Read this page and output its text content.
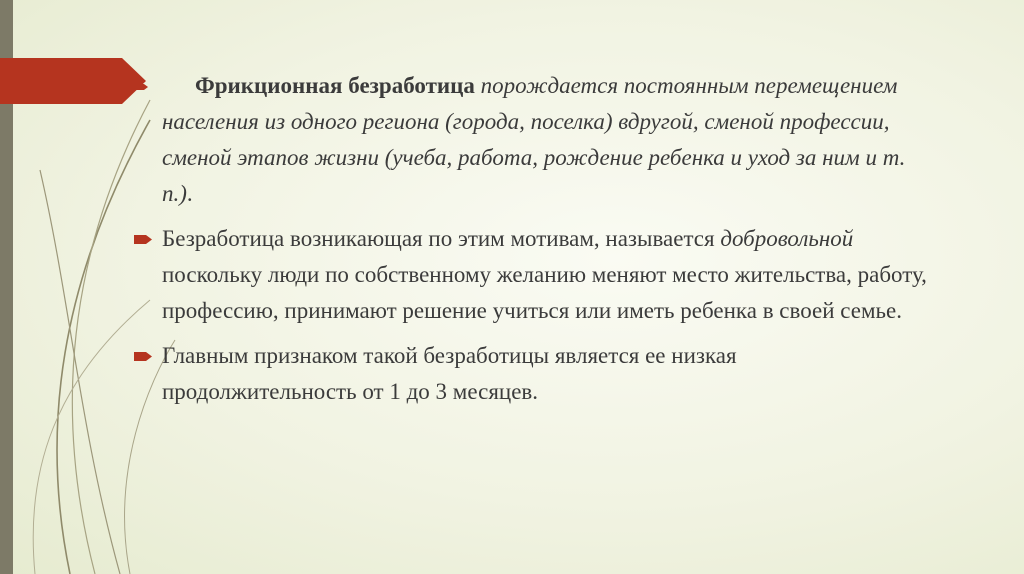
Фрикционная безработица порождается постоянным перемещением населения из одного региона (города, поселка) вдругой, сменой профессии, сменой этапов жизни (учеба, работа, рождение ребенка и уход за ним и т. п.).
Безработица возникающая по этим мотивам, называется добровольной поскольку люди по собственному желанию меняют место жительства, работу, профессию, принимают решение учиться или иметь ребенка в своей семье.
Главным признаком такой безработицы является ее низкая продолжительность от 1 до 3 месяцев.
